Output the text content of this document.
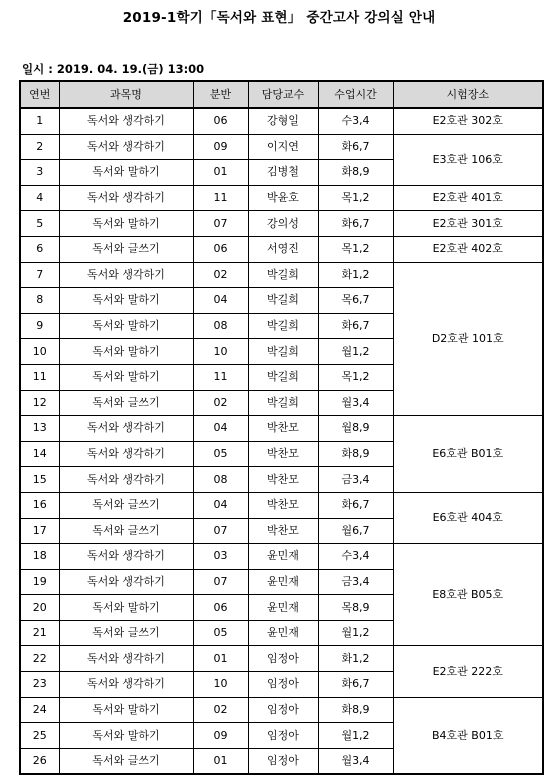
2019-1학기「독서와 표현」 중간고사 강의실 안내
일시 : 2019. 04. 19.(금) 13:00
연번	과목명	분반	담당교수	수업시간	시험장소
1	독서와 생각하기	06	강형일	수3,4	E2호관 302호
2	독서와 생각하기	09	이지연	화6,7	E3호관 106호
3	독서와 말하기	01	김병철	화8,9	
4	독서와 생각하기	11	박윤호	목1,2	E2호관 401호
5	독서와 말하기	07	강의성	화6,7	E2호관 301호
6	독서와 글쓰기	06	서영진	목1,2	E2호관 402호
7	독서와 생각하기	02	박길희	화1,2	D2호관 101호
8	독서와 말하기	04	박길희	목6,7	
9	독서와 말하기	08	박길희	화6,7	
10	독서와 말하기	10	박길희	월1,2	
11	독서와 말하기	11	박길희	목1,2	
12	독서와 글쓰기	02	박길희	월3,4	
13	독서와 생각하기	04	박찬모	월8,9	E6호관 B01호
14	독서와 생각하기	05	박찬모	화8,9	
15	독서와 생각하기	08	박찬모	금3,4	
16	독서와 글쓰기	04	박찬모	화6,7	E6호관 404호
17	독서와 글쓰기	07	박찬모	월6,7	
18	독서와 생각하기	03	윤민재	수3,4	E8호관 B05호
19	독서와 생각하기	07	윤민재	금3,4	
20	독서와 말하기	06	윤민재	목8,9	
21	독서와 글쓰기	05	윤민재	월1,2	
22	독서와 생각하기	01	임정아	화1,2	E2호관 222호
23	독서와 생각하기	10	임정아	화6,7	
24	독서와 말하기	02	임정아	화8,9	B4호관 B01호
25	독서와 말하기	09	임정아	월1,2	
26	독서와 글쓰기	01	임정아	월3,4	
